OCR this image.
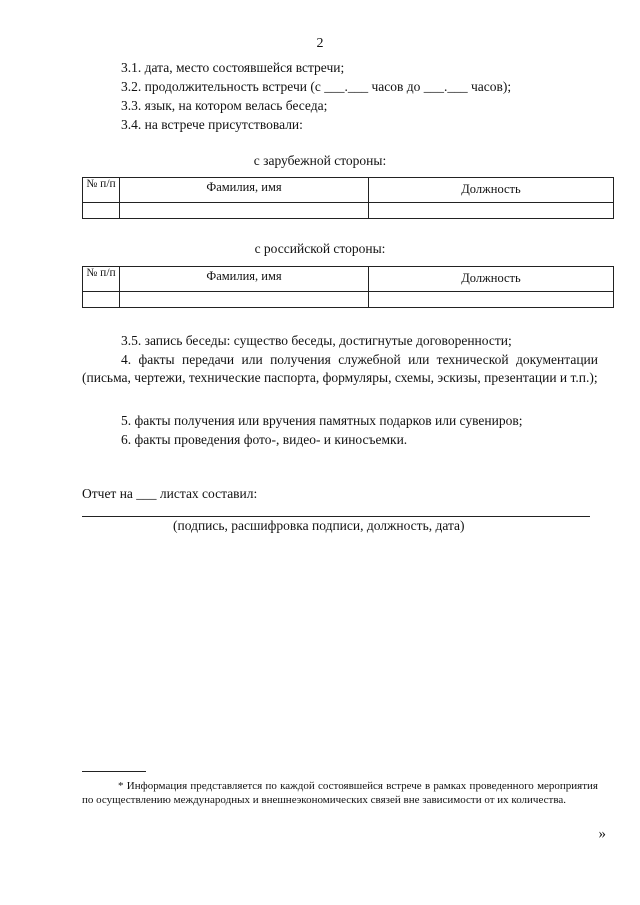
2
3.1. дата, место состоявшейся встречи;
3.2. продолжительность встречи (с ___.___ часов до ___.___ часов);
3.3. язык, на котором велась беседа;
3.4. на встрече присутствовали:
с зарубежной стороны:
№ п/п	Фамилия, имя	Должность

с российской стороны:
№ п/п	Фамилия, имя	Должность

3.5. запись беседы: существо беседы, достигнутые договоренности;
4. факты передачи или получения служебной или технической документации (письма, чертежи, технические паспорта, формуляры, схемы, эскизы, презентации и т.п.);
5. факты получения или вручения памятных подарков или сувениров;
6. факты проведения фото-, видео- и киносъемки.
Отчет на ___ листах составил:
(подпись, расшифровка подписи, должность, дата)
* Информация представляется по каждой состоявшейся встрече в рамках проведенного мероприятия по осуществлению международных и внешнеэкономических связей вне зависимости от их количества.
»
